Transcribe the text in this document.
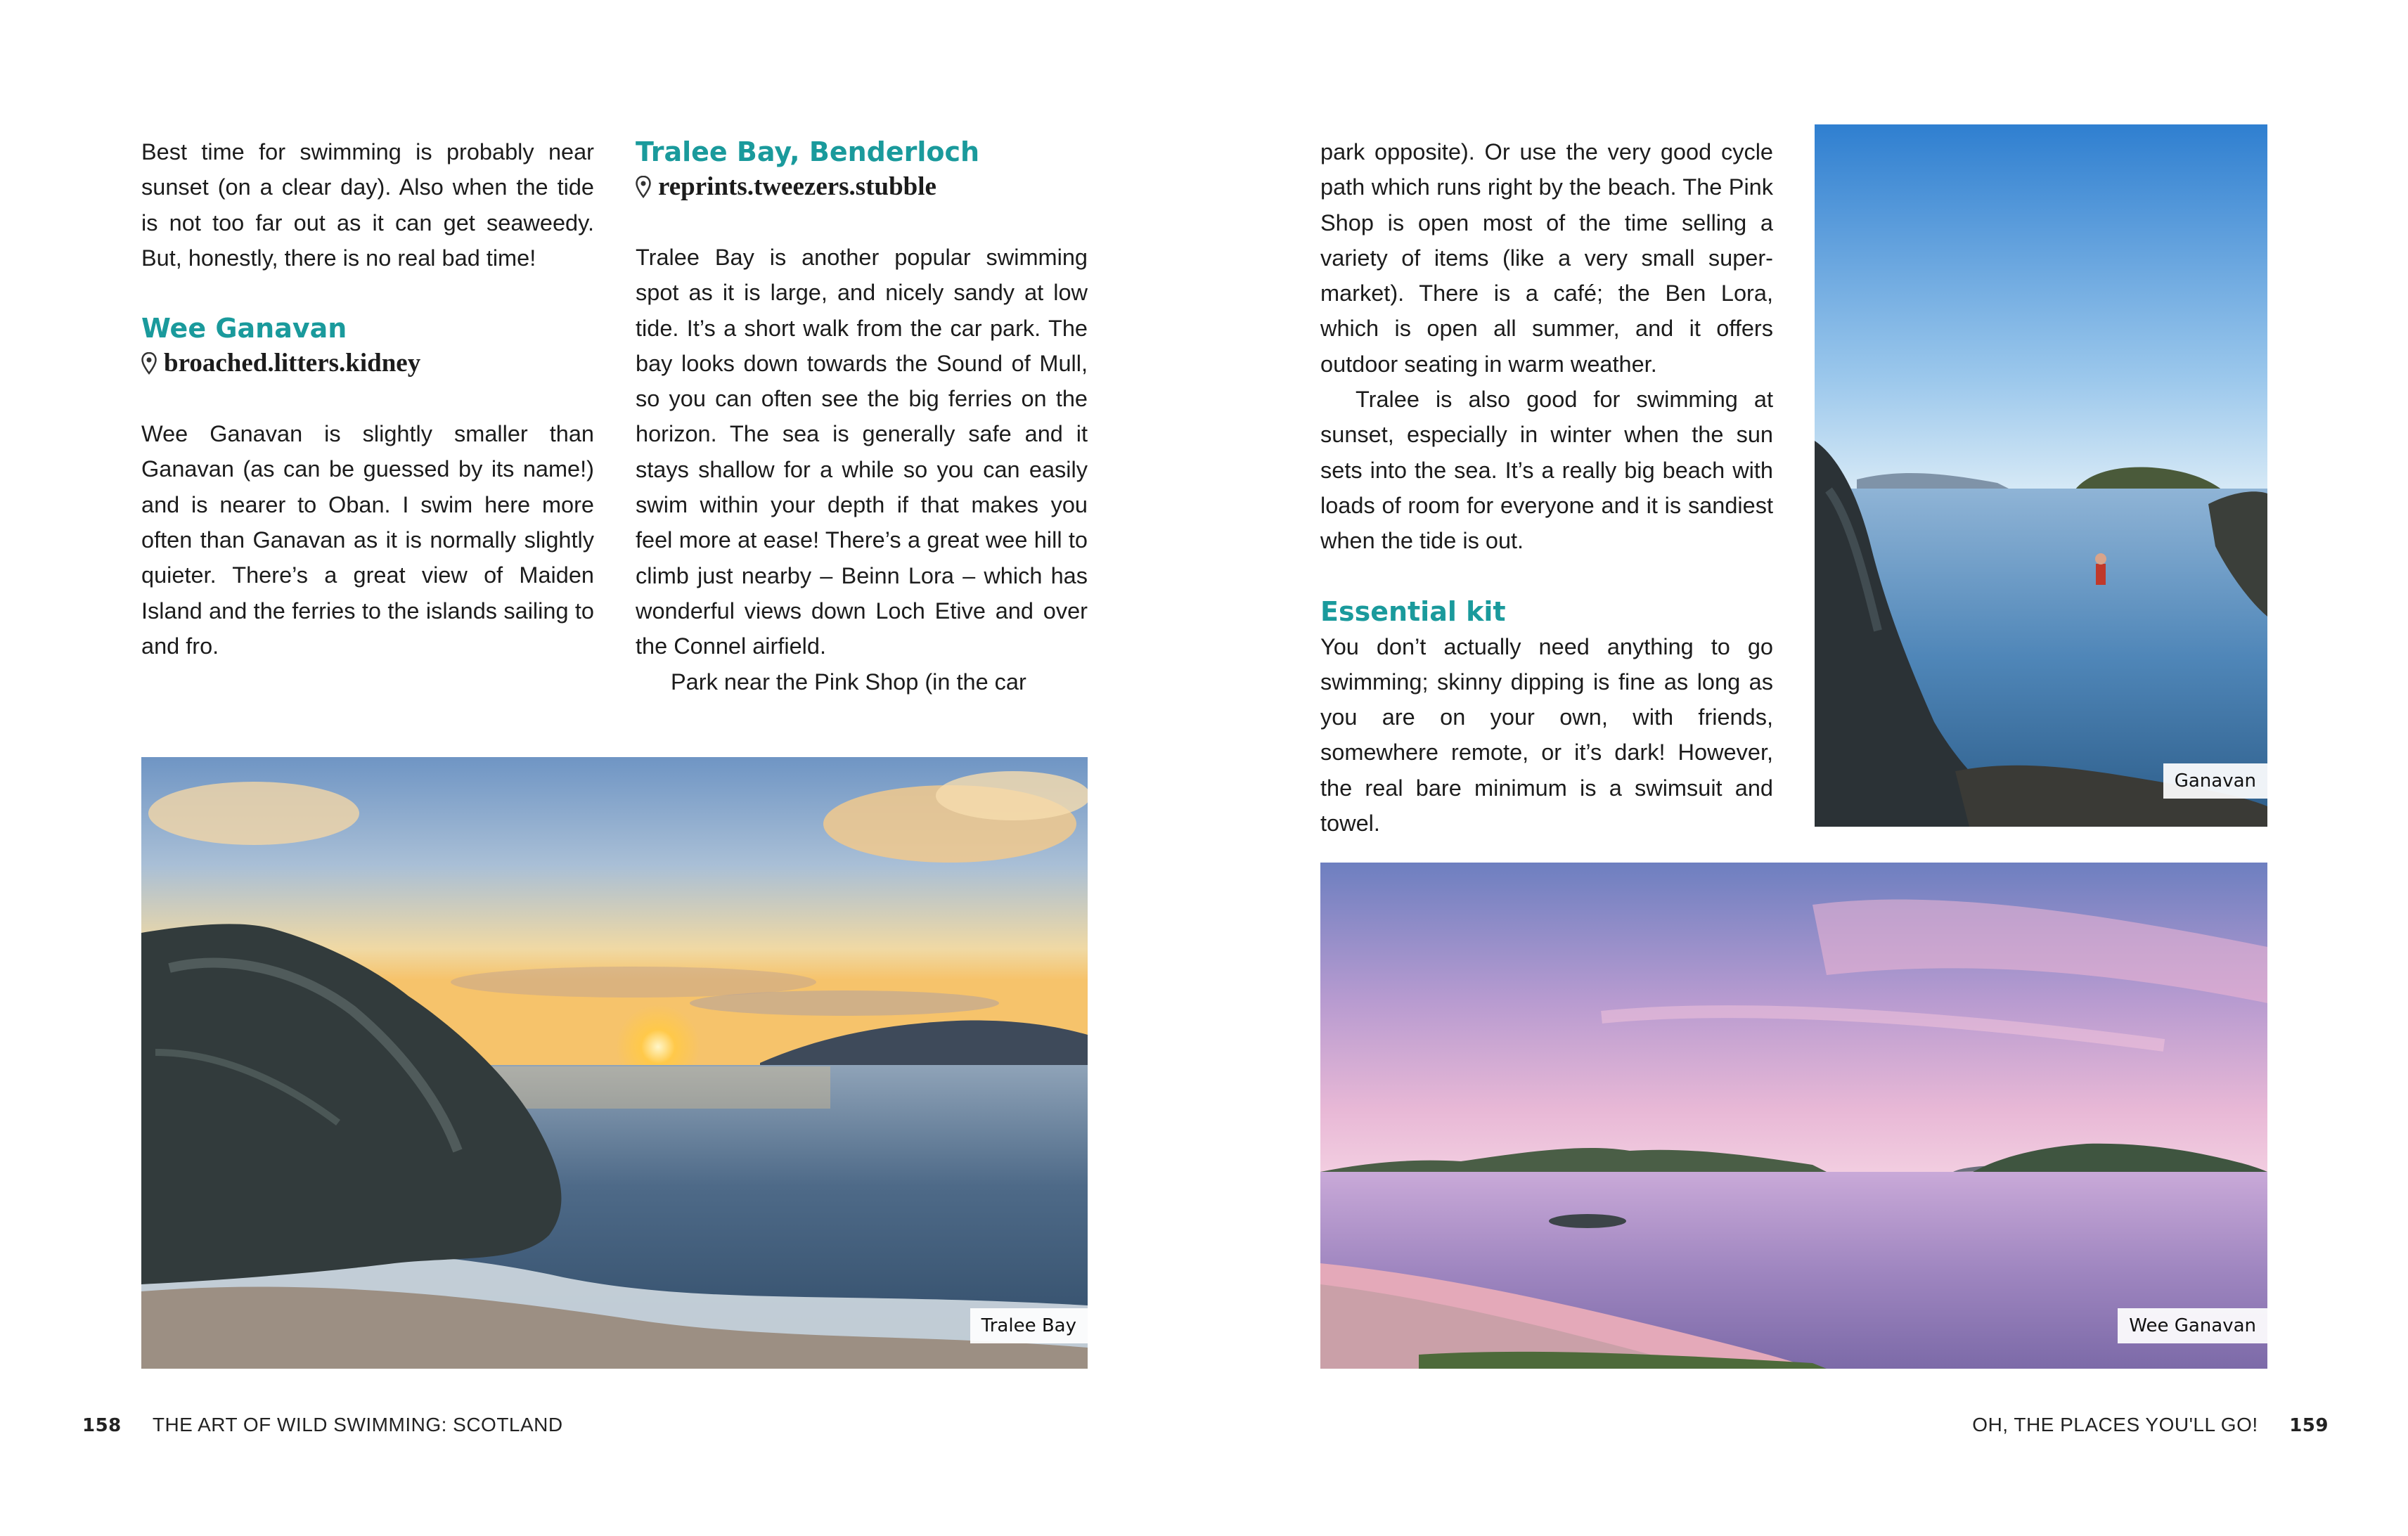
Best time for swimming is probably near sunset (on a clear day). Also when the tide is not too far out as it can get seaweedy. But, honestly, there is no real bad time!

Wee Ganavan

broached.litters.kidney

Wee Ganavan is slightly smaller than Ganavan (as can be guessed by its name!) and is nearer to Oban. I swim here more often than Ganavan as it is normally slightly quieter. There’s a great view of Maiden Island and the ferries to the islands sailing to and fro.

Tralee Bay, Benderloch

reprints.tweezers.stubble

Tralee Bay is another popular swimming spot as it is large, and nicely sandy at low tide. It’s a short walk from the car park. The bay looks down towards the Sound of Mull, so you can often see the big ferries on the horizon. The sea is generally safe and it stays shallow for a while so you can easily swim within your depth if that makes you feel more at ease! There’s a great wee hill to climb just nearby – Beinn Lora – which has wonderful views down Loch Etive and over the Connel airfield.

Park near the Pink Shop (in the car

Tralee Bay

park opposite). Or use the very good cycle path which runs right by the beach. The Pink Shop is open most of the time selling a variety of items (like a very small super-market). There is a café; the Ben Lora, which is open all summer, and it offers outdoor seating in warm weather.

Tralee is also good for swimming at sunset, especially in winter when the sun sets into the sea. It’s a really big beach with loads of room for everyone and it is sandiest when the tide is out.

Essential kit

You don’t actually need anything to go swimming; skinny dipping is fine as long as you are on your own, with friends, somewhere remote, or it’s dark! However, the real bare minimum is a swimsuit and towel.

Ganavan
Wee Ganavan
158 THE ART OF WILD SWIMMING: SCOTLAND	OH, THE PLACES YOU'LL GO! 159
